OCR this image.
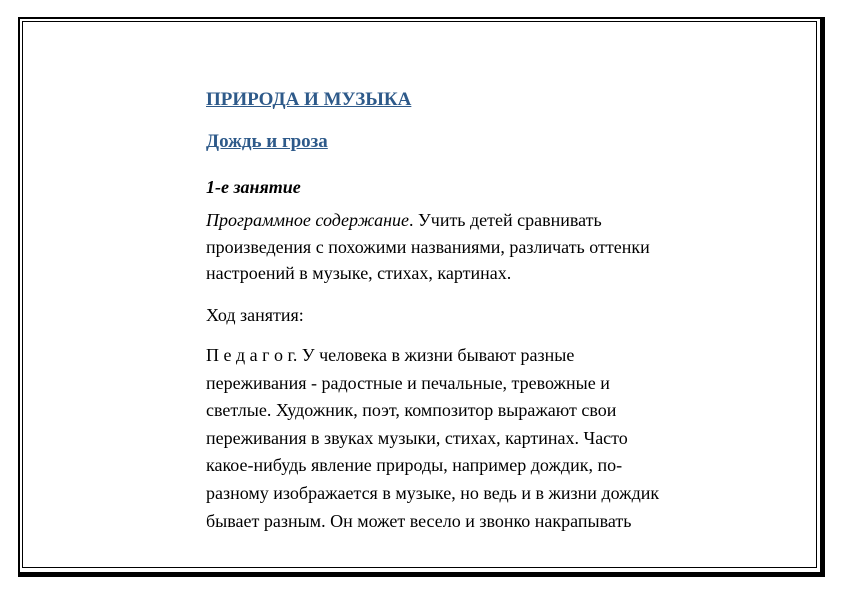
ПРИРОДА И МУЗЫКА

Дождь и гроза

1-е занятие

Программное содержание. Учить детей сравнивать
произведения с похожими названиями, различать оттенки
настроений в музыке, стихах, картинах.

Ход занятия:

П е д а г о г. У человека в жизни бывают разные
переживания - радостные и печальные, тревожные и
светлые. Художник, поэт, композитор выражают свои
переживания в звуках музыки, стихах, картинах. Часто
какое-нибудь явление природы, например дождик, по-
разному изображается в музыке, но ведь и в жизни дождик
бывает разным. Он может весело и звонко накрапывать
